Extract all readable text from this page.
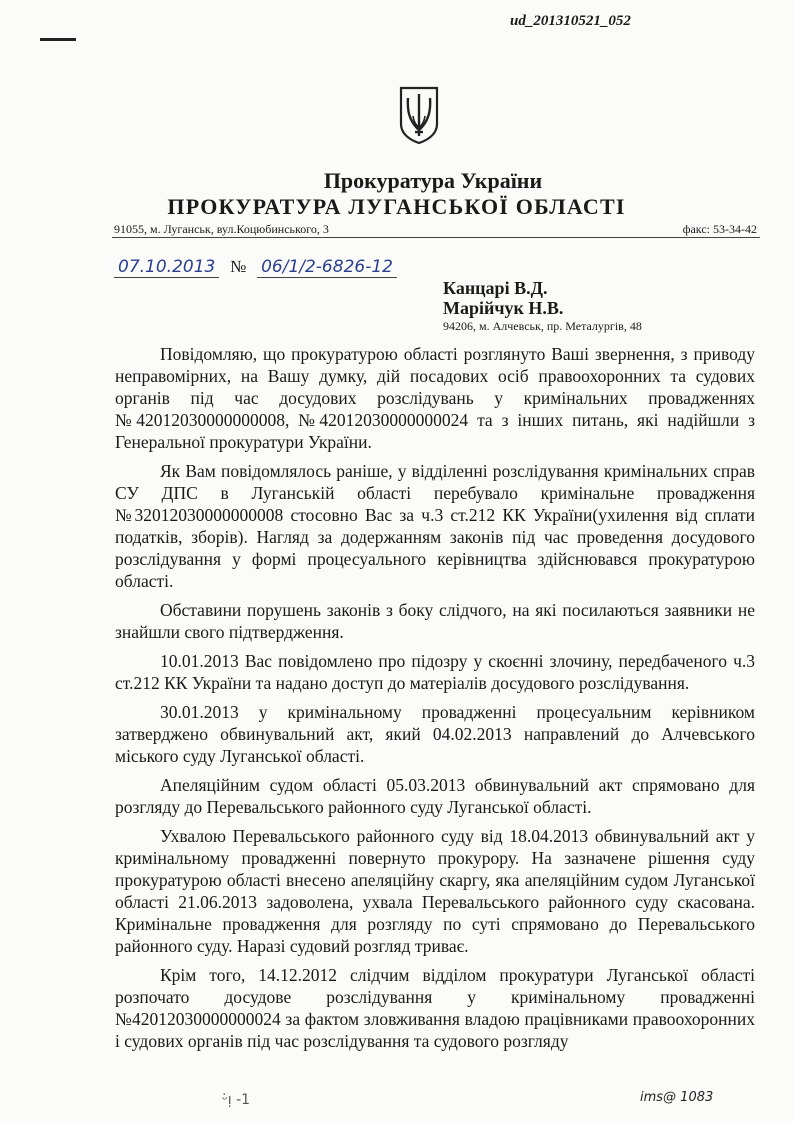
ud_201310521_052
Прокуратура України
ПРОКУРАТУРА ЛУГАНСЬКОЇ ОБЛАСТІ
91055, м. Луганськ, вул.Коцюбинського, 3	факс: 53-34-42
07.10.2013 № 06/1/2-6826-12
Канцарі В.Д.
Марійчук Н.В.
94206, м. Алчевськ, пр. Металургів, 48

Повідомляю, що прокуратурою області розглянуто Ваші звернення, з приводу неправомірних, на Вашу думку, дій посадових осіб правоохоронних та судових органів під час досудових розслідувань у кримінальних провадженнях №42012030000000008, №42012030000000024 та з інших питань, які надійшли з Генеральної прокуратури України.

Як Вам повідомлялось раніше, у відділенні розслідування кримінальних справ СУ ДПС в Луганській області перебувало кримінальне провадження №32012030000000008 стосовно Вас за ч.3 ст.212 КК України(ухилення від сплати податків, зборів). Нагляд за додержанням законів під час проведення досудового розслідування у формі процесуального керівництва здійснювався прокуратурою області.

Обставини порушень законів з боку слідчого, на які посилаються заявники не знайшли свого підтвердження.

10.01.2013 Вас повідомлено про підозру у скоєнні злочину, передбаченого ч.3 ст.212 КК України та надано доступ до матеріалів досудового розслідування.

30.01.2013 у кримінальному провадженні процесуальним керівником затверджено обвинувальний акт, який 04.02.2013 направлений до Алчевського міського суду Луганської області.

Апеляційним судом області 05.03.2013 обвинувальний акт спрямовано для розгляду до Перевальського районного суду Луганської області.

Ухвалою Перевальського районного суду від 18.04.2013 обвинувальний акт у кримінальному провадженні повернуто прокурору. На зазначене рішення суду прокуратурою області внесено апеляційну скаргу, яка апеляційним судом Луганської області 21.06.2013 задоволена, ухвала Перевальського районного суду скасована. Кримінальне провадження для розгляду по суті спрямовано до Перевальського районного суду. Наразі судовий розгляд триває.

Крім того, 14.12.2012 слідчим відділом прокуратури Луганської області розпочато досудове розслідування у кримінальному провадженні №42012030000000024 за фактом зловживання владою працівниками правоохоронних і судових органів під час розслідування та судового розгляду

ᵕ̇ᴉ -1	ims@ 1083
